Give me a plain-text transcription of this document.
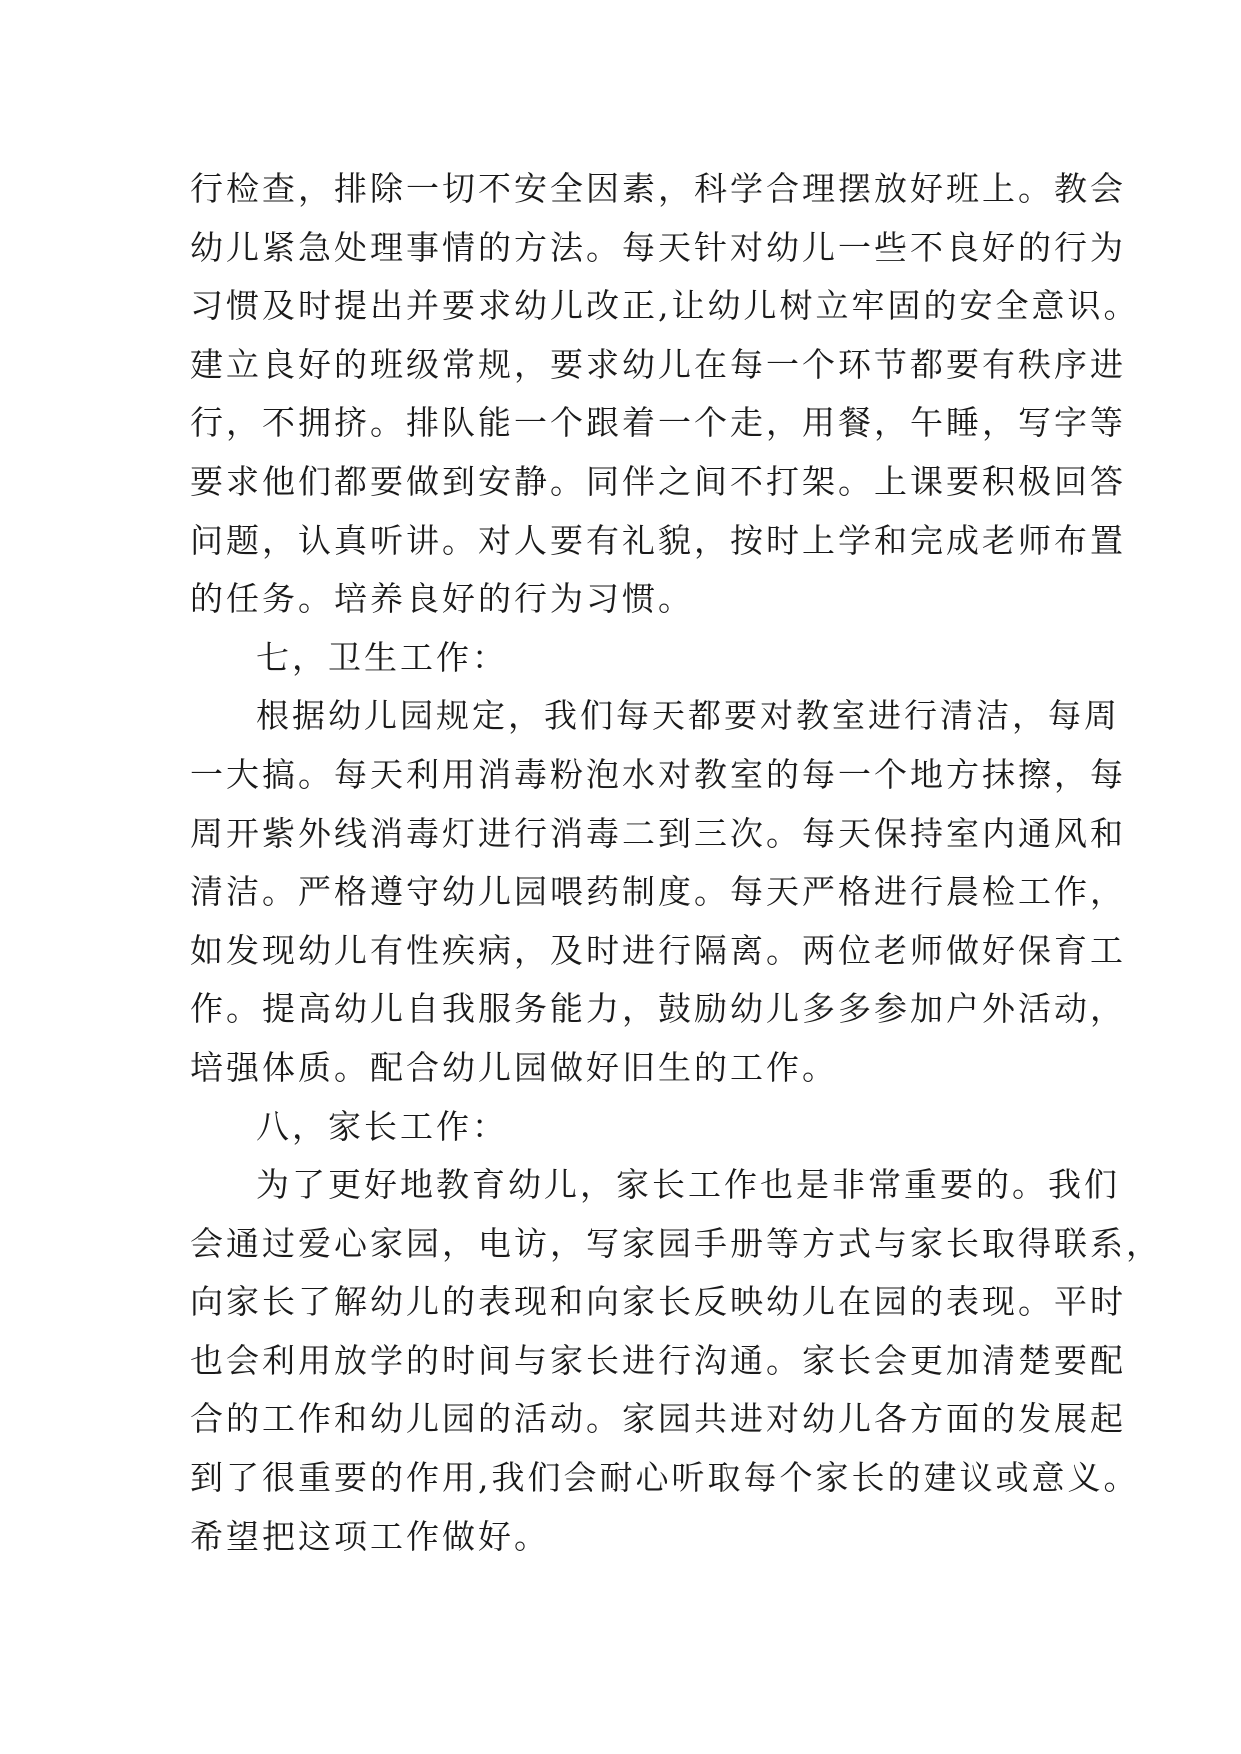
行检查，排除一切不安全因素，科学合理摆放好班上。教会
幼儿紧急处理事情的方法。每天针对幼儿一些不良好的行为
习惯及时提出并要求幼儿改正,让幼儿树立牢固的安全意识。
建立良好的班级常规，要求幼儿在每一个环节都要有秩序进
行，不拥挤。排队能一个跟着一个走，用餐，午睡，写字等
要求他们都要做到安静。同伴之间不打架。上课要积极回答
问题，认真听讲。对人要有礼貌，按时上学和完成老师布置
的任务。培养良好的行为习惯。
七，卫生工作：
根据幼儿园规定，我们每天都要对教室进行清洁，每周
一大搞。每天利用消毒粉泡水对教室的每一个地方抹擦，每
周开紫外线消毒灯进行消毒二到三次。每天保持室内通风和
清洁。严格遵守幼儿园喂药制度。每天严格进行晨检工作，
如发现幼儿有性疾病，及时进行隔离。两位老师做好保育工
作。提高幼儿自我服务能力，鼓励幼儿多多参加户外活动，
培强体质。配合幼儿园做好旧生的工作。
八，家长工作：
为了更好地教育幼儿，家长工作也是非常重要的。我们
会通过爱心家园，电访，写家园手册等方式与家长取得联系，
向家长了解幼儿的表现和向家长反映幼儿在园的表现。平时
也会利用放学的时间与家长进行沟通。家长会更加清楚要配
合的工作和幼儿园的活动。家园共进对幼儿各方面的发展起
到了很重要的作用,我们会耐心听取每个家长的建议或意义。
希望把这项工作做好。
